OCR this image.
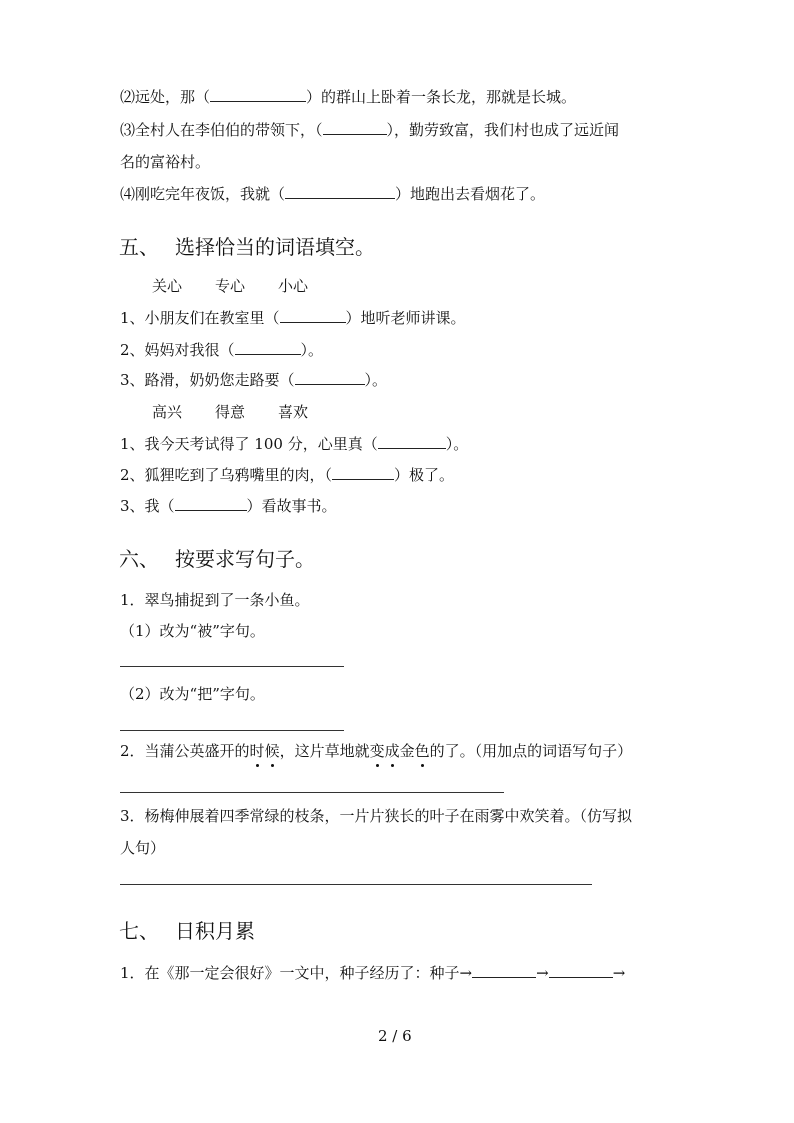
⑵远处，那（	）的群山上卧着一条长龙，那就是长城。
⑶全村人在李伯伯的带领下，（	），勤劳致富，我们村也成了远近闻
名的富裕村。
⑷刚吃完年夜饭，我就（	）地跑出去看烟花了。
五、 选择恰当的词语填空。
关心 专心 小心
1、小朋友们在教室里（	）地听老师讲课。
2、妈妈对我很（	）。
3、路滑，奶奶您走路要（	）。
高兴 得意 喜欢
1、我今天考试得了 100 分，心里真（	）。
2、狐狸吃到了乌鸦嘴里的肉，（	）极了。
3、我（	）看故事书。
六、 按要求写句子。
1．翠鸟捕捉到了一条小鱼。
（1）改为“被”字句。
（2）改为“把”字句。
2．当蒲公英盛开的时候，这片草地就变成金色的了。（用加点的词语写句子）
3．杨梅伸展着四季常绿的枝条，一片片狭长的叶子在雨雾中欢笑着。（仿写拟
人句）
七、 日积月累
1．在《那一定会很好》一文中，种子经历了：种子→	→	→
2 / 6
